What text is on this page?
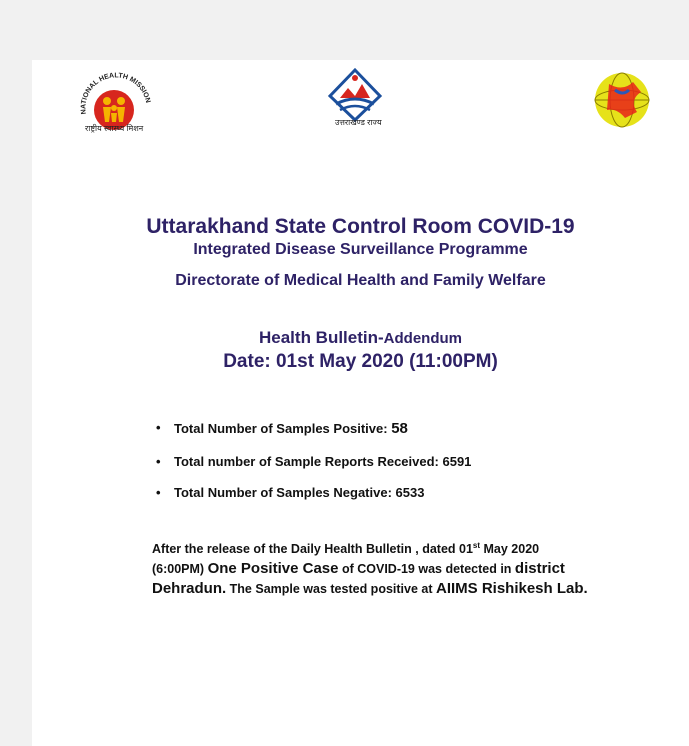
NATIONAL HEALTH MISSION
राष्ट्रीय स्वास्थ्य मिशन
उत्तराखण्ड राज्य
Uttarakhand State Control Room COVID-19
Integrated Disease Surveillance Programme
Directorate of Medical Health and Family Welfare
Health Bulletin-Addendum
Date: 01st May 2020 (11:00PM)
• Total Number of Samples Positive: 58
• Total number of Sample Reports Received: 6591
• Total Number of Samples Negative: 6533
After the release of the Daily Health Bulletin , dated 01st May 2020
(6:00PM) One Positive Case of COVID-19 was detected in district Dehradun. The Sample was tested positive at AIIMS Rishikesh Lab.
